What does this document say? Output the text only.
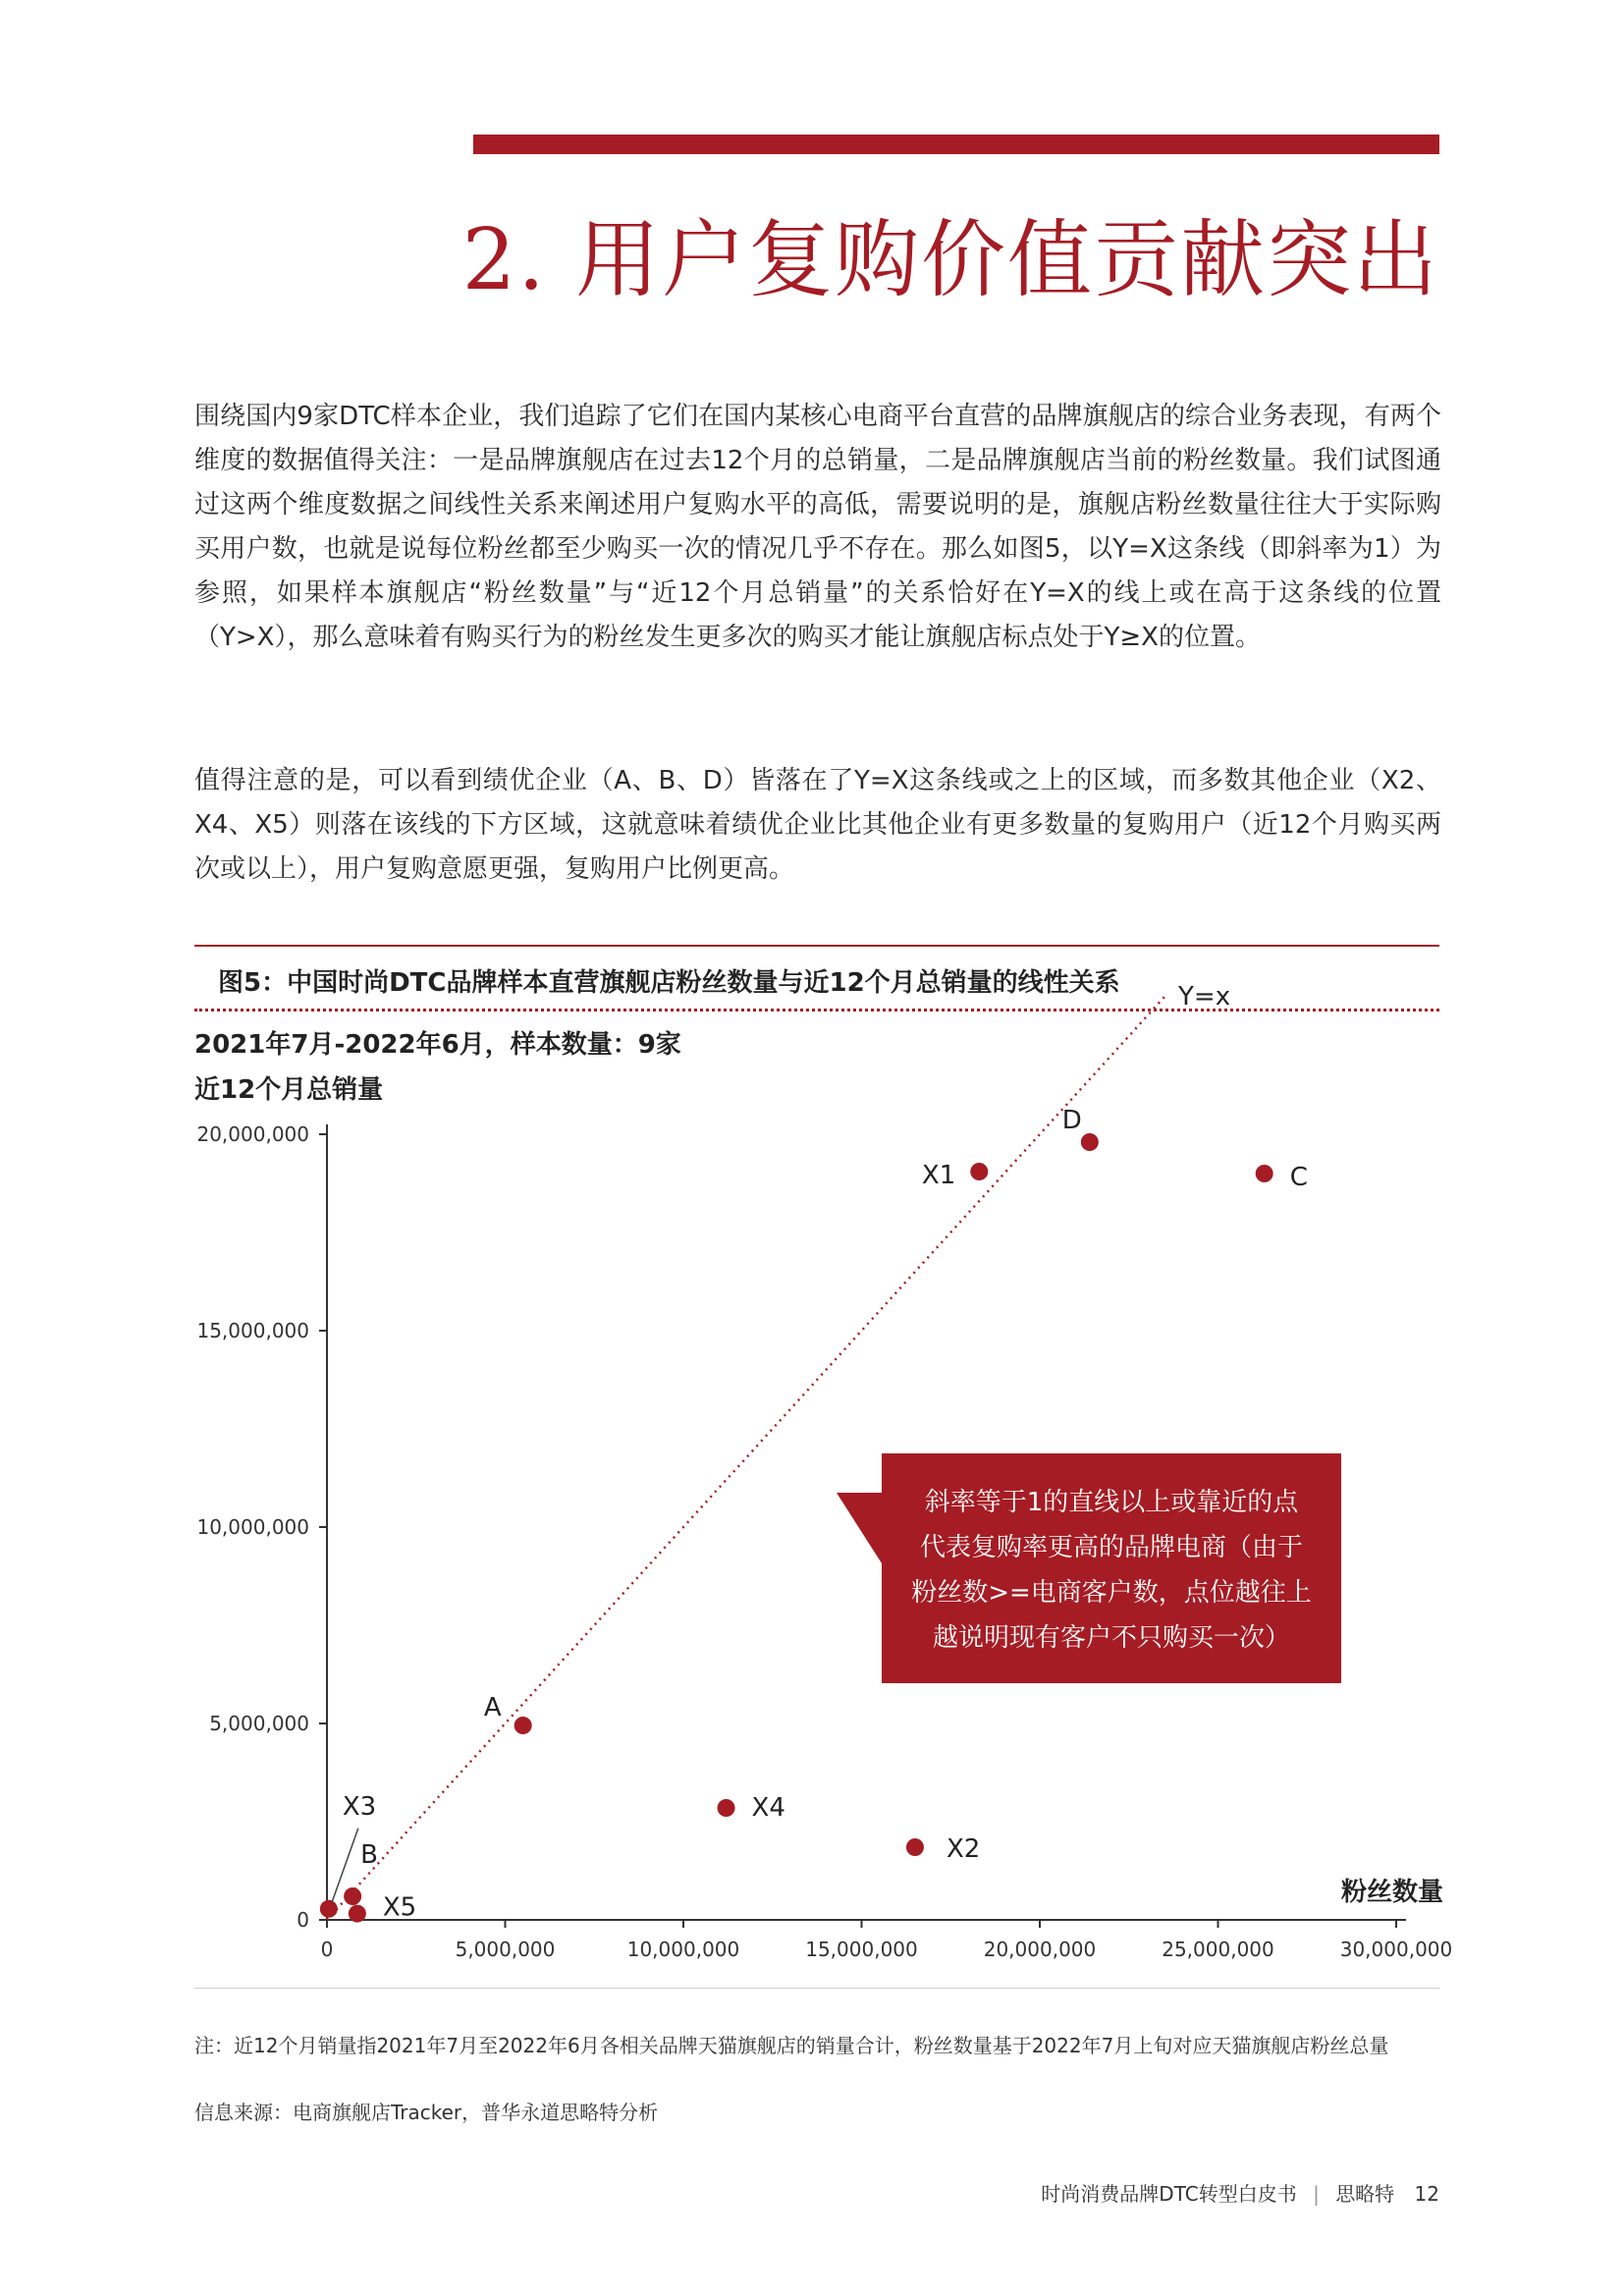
2. 用户复购价值贡献突出

围绕国内9家DTC样本企业，我们追踪了它们在国内某核心电商平台直营的品牌旗舰店的综合业务表现，有两个维度的数据值得关注：一是品牌旗舰店在过去12个月的总销量，二是品牌旗舰店当前的粉丝数量。我们试图通过这两个维度数据之间线性关系来阐述用户复购水平的高低，需要说明的是，旗舰店粉丝数量往往大于实际购买用户数，也就是说每位粉丝都至少购买一次的情况几乎不存在。那么如图5，以Y=X这条线（即斜率为1）为参照，如果样本旗舰店“粉丝数量”与“近12个月总销量”的关系恰好在Y=X的线上或在高于这条线的位置（Y>X），那么意味着有购买行为的粉丝发生更多次的购买才能让旗舰店标点处于Y≥X的位置。

值得注意的是，可以看到绩优企业（A、B、D）皆落在了Y=X这条线或之上的区域，而多数其他企业（X2、X4、X5）则落在该线的下方区域，这就意味着绩优企业比其他企业有更多数量的复购用户（近12个月购买两次或以上），用户复购意愿更强，复购用户比例更高。

图5：中国时尚DTC品牌样本直营旗舰店粉丝数量与近12个月总销量的线性关系
2021年7月-2022年6月，样本数量：9家
近12个月总销量
粉丝数量
0
5,000,000
10,000,000
15,000,000
20,000,000
0	5,000,000	10,000,000	15,000,000	20,000,000	25,000,000	30,000,000
Y=x
X3
B
X5
A
X4
X2
X1
D
C
斜率等于1的直线以上或靠近的点
代表复购率更高的品牌电商（由于
粉丝数>=电商客户数，点位越往上
越说明现有客户不只购买一次）

注：近12个月销量指2021年7月至2022年6月各相关品牌天猫旗舰店的销量合计，粉丝数量基于2022年7月上旬对应天猫旗舰店粉丝总量

信息来源：电商旗舰店Tracker，普华永道思略特分析

时尚消费品牌DTC转型白皮书 | 思略特 12
